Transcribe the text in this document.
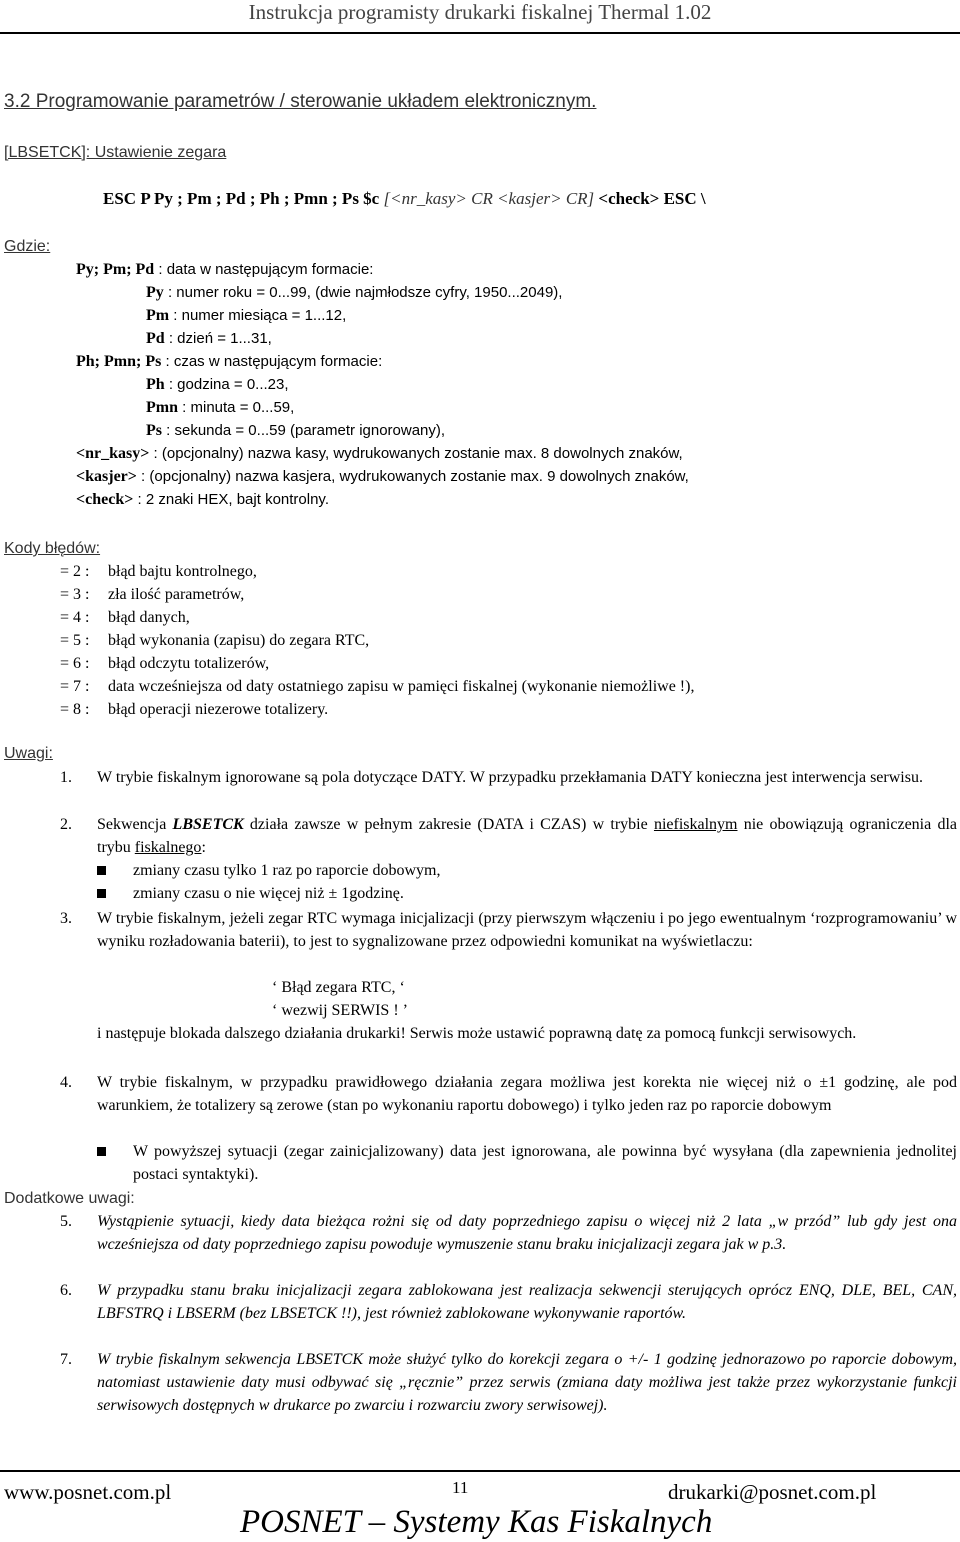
Instrukcja programisty drukarki fiskalnej Thermal 1.02
3.2 Programowanie parametrów / sterowanie układem elektronicznym.
[LBSETCK]: Ustawienie zegara
ESC P Py ; Pm ; Pd ; Ph ; Pmn ; Ps $c [<nr_kasy> CR <kasjer> CR] <check> ESC \
Gdzie:
Py; Pm; Pd : data w następującym formacie:
Py : numer roku = 0...99, (dwie najmłodsze cyfry, 1950...2049),
Pm : numer miesiąca = 1...12,
Pd : dzień = 1...31,
Ph; Pmn; Ps : czas w następującym formacie:
Ph : godzina = 0...23,
Pmn : minuta = 0...59,
Ps : sekunda = 0...59 (parametr ignorowany),
<nr_kasy> : (opcjonalny) nazwa kasy, wydrukowanych zostanie max. 8 dowolnych znaków,
<kasjer> : (opcjonalny) nazwa kasjera, wydrukowanych zostanie max. 9 dowolnych znaków,
<check> : 2 znaki HEX, bajt kontrolny.
Kody błędów:
= 2 : błąd bajtu kontrolnego,
= 3 : zła ilość parametrów,
= 4 : błąd danych,
= 5 : błąd wykonania (zapisu) do zegara RTC,
= 6 : błąd odczytu totalizerów,
= 7 : data wcześniejsza od daty ostatniego zapisu w pamięci fiskalnej (wykonanie niemożliwe !),
= 8 : błąd operacji niezerowe totalizery.
Uwagi:
1. W trybie fiskalnym ignorowane są pola dotyczące DATY. W przypadku przekłamania DATY konieczna jest interwencja serwisu.
2. Sekwencja LBSETCK działa zawsze w pełnym zakresie (DATA i CZAS) w trybie niefiskalnym nie obowiązują ograniczenia dla trybu fiskalnego:
zmiany czasu tylko 1 raz po raporcie dobowym,
zmiany czasu o nie więcej niż ± 1godzinę.
3. W trybie fiskalnym, jeżeli zegar RTC wymaga inicjalizacji (przy pierwszym włączeniu i po jego ewentualnym ‘rozprogramowaniu’ w wyniku rozładowania baterii), to jest to sygnalizowane przez odpowiedni komunikat na wyświetlaczu:
‘ Błąd zegara RTC, ‘
‘ wezwij SERWIS ! ’
i następuje blokada dalszego działania drukarki! Serwis może ustawić poprawną datę za pomocą funkcji serwisowych.
4. W trybie fiskalnym, w przypadku prawidłowego działania zegara możliwa jest korekta nie więcej niż o ±1 godzinę, ale pod warunkiem, że totalizery są zerowe (stan po wykonaniu raportu dobowego) i tylko jeden raz po raporcie dobowym
W powyższej sytuacji (zegar zainicjalizowany) data jest ignorowana, ale powinna być wysyłana (dla zapewnienia jednolitej postaci syntaktyki).
Dodatkowe uwagi:
5. Wystąpienie sytuacji, kiedy data bieżąca rożni się od daty poprzedniego zapisu o więcej niż 2 lata „w przód” lub gdy jest ona wcześniejsza od daty poprzedniego zapisu powoduje wymuszenie stanu braku inicjalizacji zegara jak w p.3.
6. W przypadku stanu braku inicjalizacji zegara zablokowana jest realizacja sekwencji sterujących oprócz ENQ, DLE, BEL, CAN, LBFSTRQ i LBSERM (bez LBSETCK !!), jest również zablokowane wykonywanie raportów.
7. W trybie fiskalnym sekwencja LBSETCK może służyć tylko do korekcji zegara o +/- 1 godzinę jednorazowo po raporcie dobowym, natomiast ustawienie daty musi odbywać się „ręcznie” przez serwis (zmiana daty możliwa jest także przez wykorzystanie funkcji serwisowych dostępnych w drukarce po zwarciu i rozwarciu zwory serwisowej).
www.posnet.com.pl	11	drukarki@posnet.com.pl
POSNET – Systemy Kas Fiskalnych
